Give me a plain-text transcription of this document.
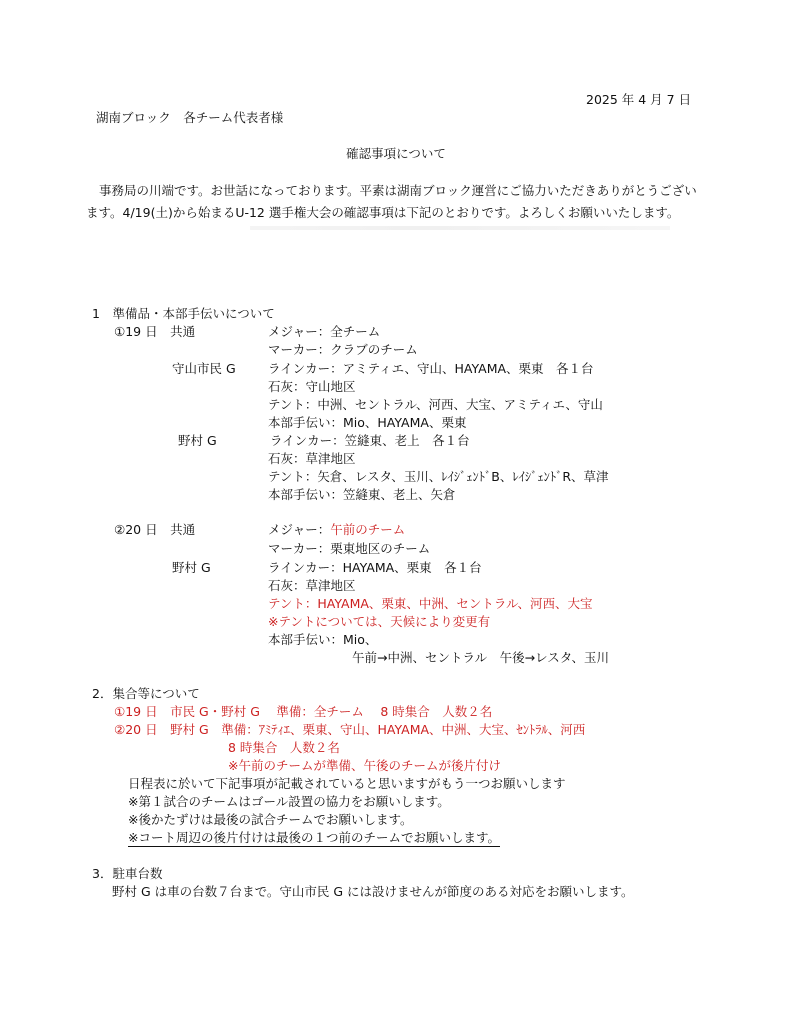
2025 年 4 月 7 日
湖南ブロック　各チーム代表者様
確認事項について
事務局の川端です。お世話になっております。平素は湖南ブロック運営にご協力いただきありがとうございます。4/19(土)から始まるU-12 選手権大会の確認事項は下記のとおりです。よろしくお願いいたします。
1　準備品・本部手伝いについて
①19 日　共通	メジャー：全チーム
マーカー：クラブのチーム
守山市民 G	ラインカー：アミティエ、守山、HAYAMA、栗東　各１台
石灰：守山地区
テント：中洲、セントラル、河西、大宝、アミティエ、守山
本部手伝い：Mio、HAYAMA、栗東
野村 G	ラインカー：笠縫東、老上　各１台
石灰：草津地区
テント：矢倉、レスタ、玉川、ﾚｲｼﾞｪﾝﾄﾞB、ﾚｲｼﾞｪﾝﾄﾞR、草津
本部手伝い：笠縫東、老上、矢倉
②20 日　共通	メジャー：午前のチーム
マーカー：栗東地区のチーム
野村 G	ラインカー：HAYAMA、栗東　各１台
石灰：草津地区
テント：HAYAMA、栗東、中洲、セントラル、河西、大宝
※テントについては、天候により変更有
本部手伝い：Mio、
午前→中洲、セントラル　午後→レスタ、玉川
2．集合等について
①19 日　市民 G・野村 G　 準備：全チーム　 8 時集合　人数２名
②20 日　野村 G　準備：ｱﾐﾃｨｴ、栗東、守山、HAYAMA、中洲、大宝、ｾﾝﾄﾗﾙ、河西
8 時集合　人数２名
※午前のチームが準備、午後のチームが後片付け
日程表に於いて下記事項が記載されていると思いますがもう一つお願いします
※第１試合のチームはゴール設置の協力をお願いします。
※後かたずけは最後の試合チームでお願いします。
※コート周辺の後片付けは最後の１つ前のチームでお願いします。
3．駐車台数
野村 G は車の台数７台まで。守山市民 G には設けませんが節度のある対応をお願いします。
